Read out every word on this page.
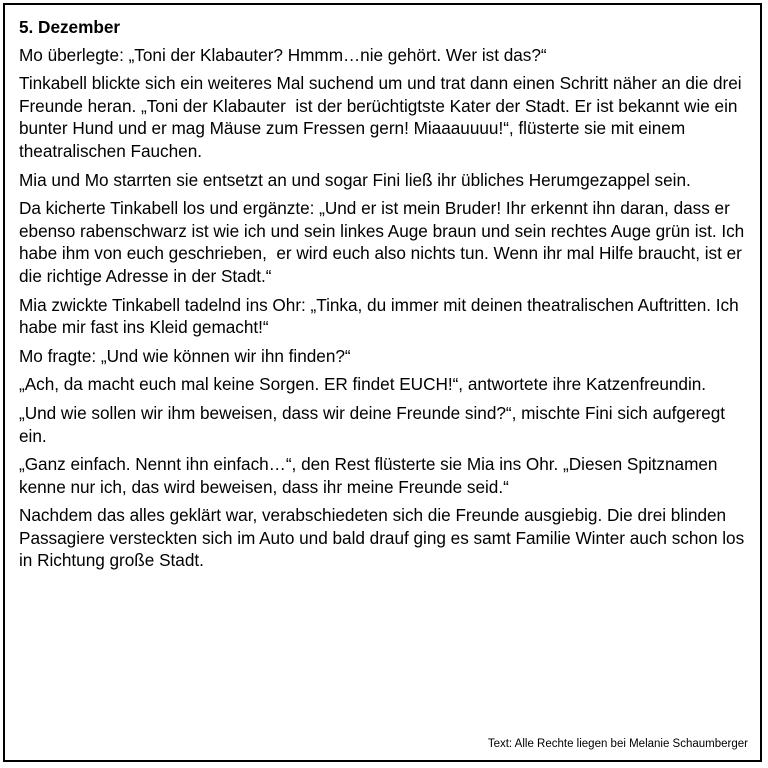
5. Dezember

Mo überlegte: „Toni der Klabauter? Hmmm…nie gehört. Wer ist das?“

Tinkabell blickte sich ein weiteres Mal suchend um und trat dann einen Schritt näher an die drei Freunde heran. „Toni der Klabauter  ist der berüchtigtste Kater der Stadt. Er ist bekannt wie ein bunter Hund und er mag Mäuse zum Fressen gern! Miaaauuuu!“, flüsterte sie mit einem theatralischen Fauchen.

Mia und Mo starrten sie entsetzt an und sogar Fini ließ ihr übliches Herumgezappel sein.

Da kicherte Tinkabell los und ergänzte: „Und er ist mein Bruder! Ihr erkennt ihn daran, dass er ebenso rabenschwarz ist wie ich und sein linkes Auge braun und sein rechtes Auge grün ist. Ich habe ihm von euch geschrieben,  er wird euch also nichts tun. Wenn ihr mal Hilfe braucht, ist er die richtige Adresse in der Stadt.“

Mia zwickte Tinkabell tadelnd ins Ohr: „Tinka, du immer mit deinen theatralischen Auftritten. Ich habe mir fast ins Kleid gemacht!“

Mo fragte: „Und wie können wir ihn finden?“

„Ach, da macht euch mal keine Sorgen. ER findet EUCH!“, antwortete ihre Katzenfreundin.

„Und wie sollen wir ihm beweisen, dass wir deine Freunde sind?“, mischte Fini sich aufgeregt ein.

„Ganz einfach. Nennt ihn einfach…“, den Rest flüsterte sie Mia ins Ohr. „Diesen Spitznamen kenne nur ich, das wird beweisen, dass ihr meine Freunde seid.“

Nachdem das alles geklärt war, verabschiedeten sich die Freunde ausgiebig. Die drei blinden Passagiere versteckten sich im Auto und bald drauf ging es samt Familie Winter auch schon los in Richtung große Stadt.

Text: Alle Rechte liegen bei Melanie Schaumberger
